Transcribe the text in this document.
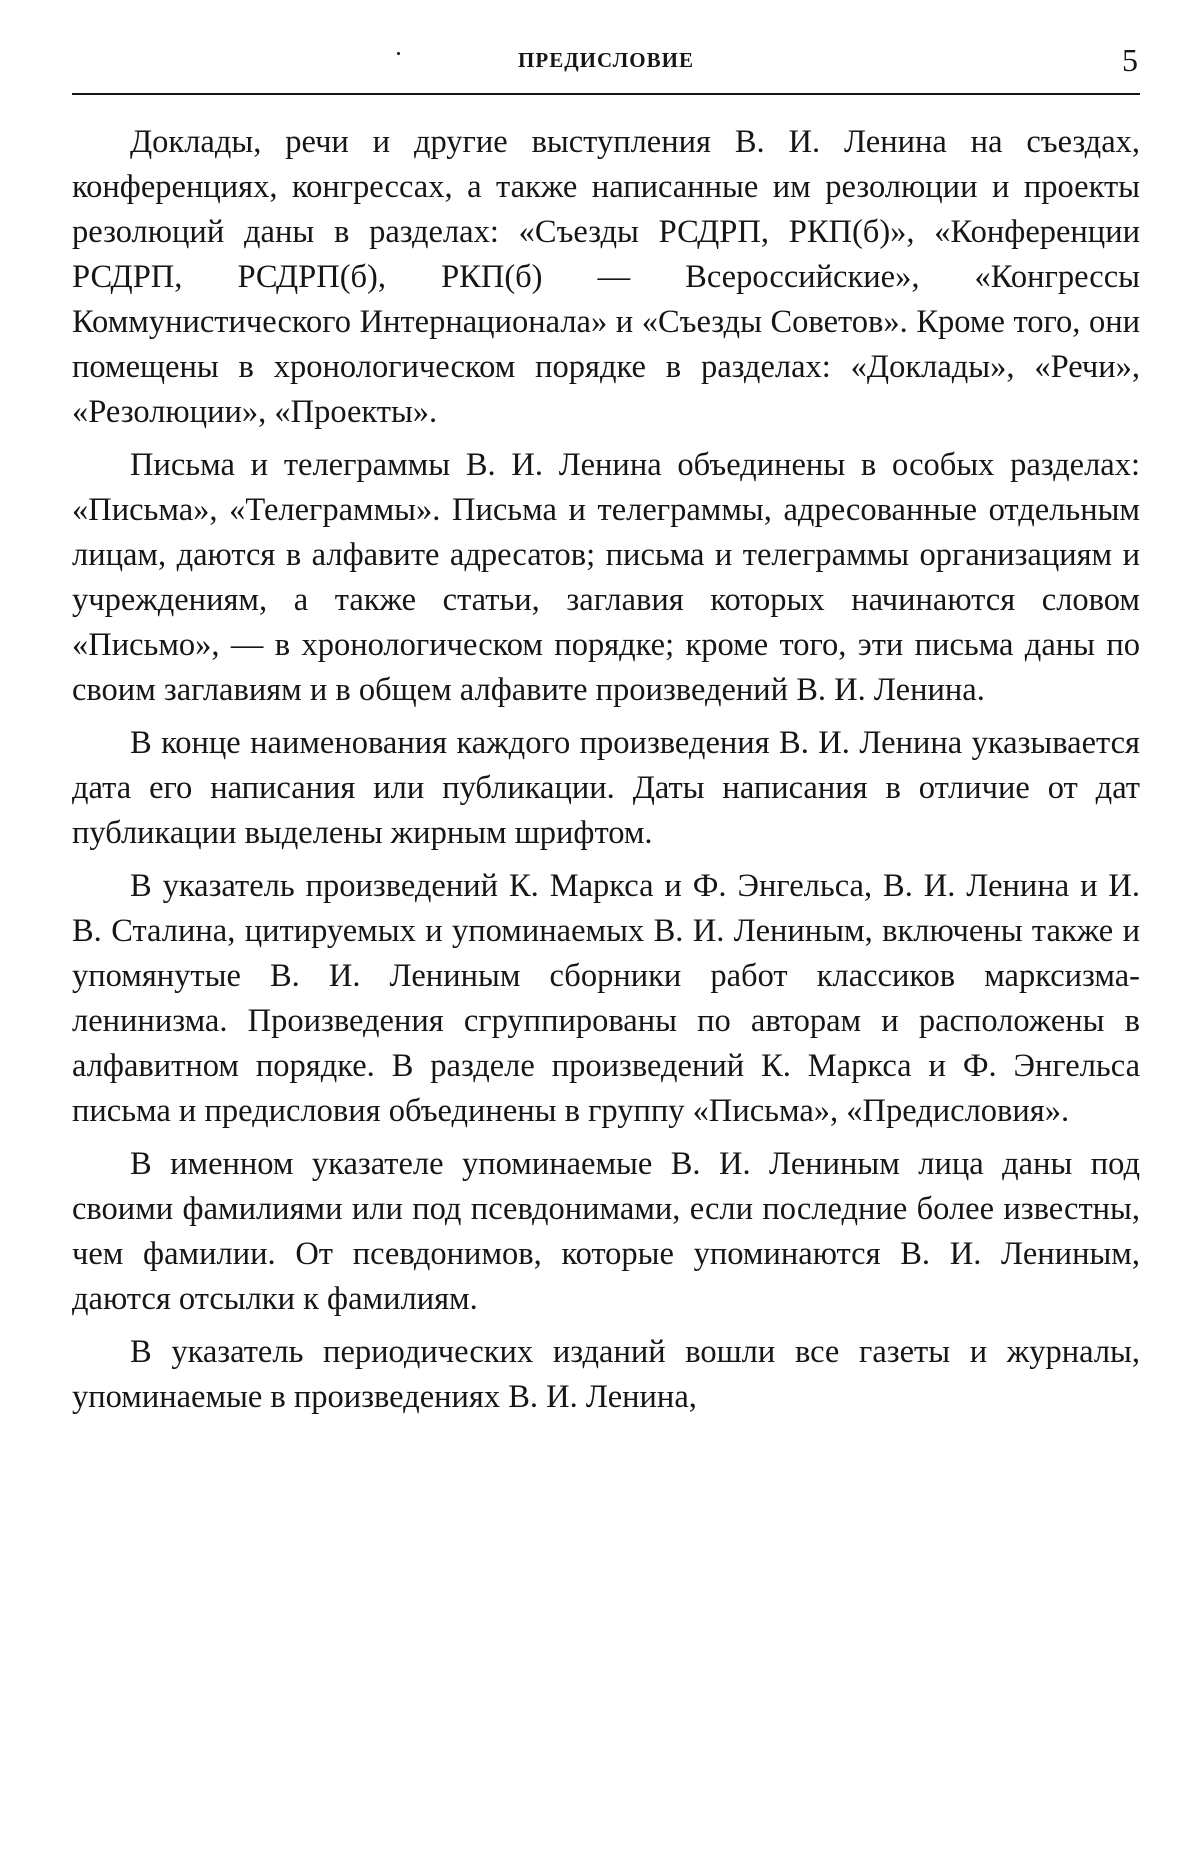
ПРЕДИСЛОВИЕ	5

Доклады, речи и другие выступления В. И. Ленина на съездах, конференциях, конгрессах, а также написанные им резолюции и проекты резолюций даны в разделах: «Съезды РСДРП, РКП(б)», «Конференции РСДРП, РСДРП(б), РКП(б) — Всероссийские», «Конгрессы Коммунистического Интернационала» и «Съезды Советов». Кроме того, они помещены в хронологическом порядке в разделах: «Доклады», «Речи», «Резолюции», «Проекты».

Письма и телеграммы В. И. Ленина объединены в особых разделах: «Письма», «Телеграммы». Письма и телеграммы, адресованные отдельным лицам, даются в алфавите адресатов; письма и телеграммы организациям и учреждениям, а также статьи, заглавия которых начинаются словом «Письмо», — в хронологическом порядке; кроме того, эти письма даны по своим заглавиям и в общем алфавите произведений В. И. Ленина.

В конце наименования каждого произведения В. И. Ленина указывается дата его написания или публикации. Даты написания в отличие от дат публикации выделены жирным шрифтом.

В указатель произведений К. Маркса и Ф. Энгельса, В. И. Ленина и И. В. Сталина, цитируемых и упоминаемых В. И. Лениным, включены также и упомянутые В. И. Лениным сборники работ классиков марксизма-ленинизма. Произведения сгруппированы по авторам и расположены в алфавитном порядке. В разделе произведений К. Маркса и Ф. Энгельса письма и предисловия объединены в группу «Письма», «Предисловия».

В именном указателе упоминаемые В. И. Лениным лица даны под своими фамилиями или под псевдонимами, если последние более известны, чем фамилии. От псевдонимов, которые упоминаются В. И. Лениным, даются отсылки к фамилиям.

В указатель периодических изданий вошли все газеты и журналы, упоминаемые в произведениях В. И. Ленина,
